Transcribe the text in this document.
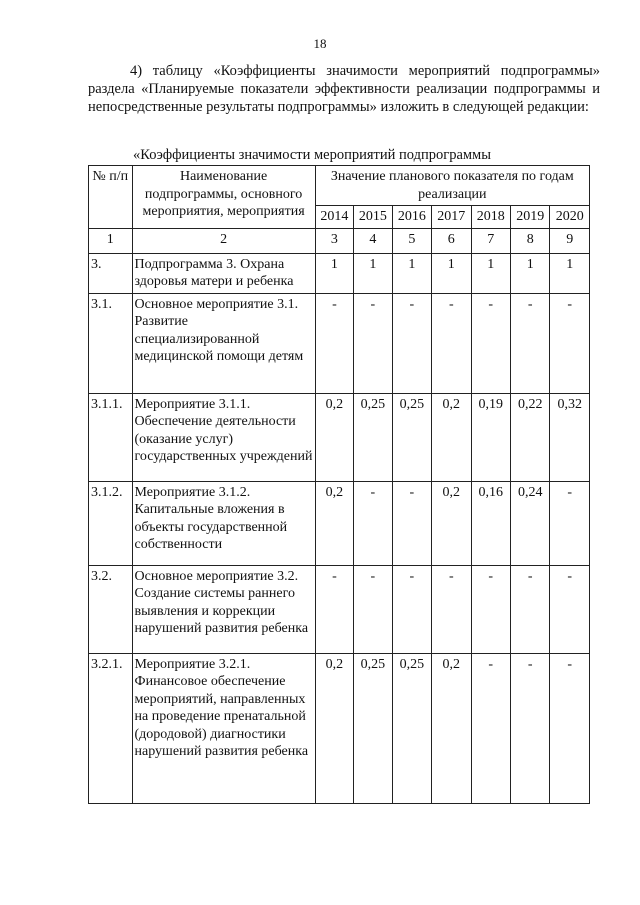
18

4) таблицу «Коэффициенты значимости мероприятий подпрограммы» раздела «Планируемые показатели эффективности реализации подпрограммы и непосредственные результаты подпрограммы» изложить в следующей редакции:

«Коэффициенты значимости мероприятий подпрограммы
№ п/п	Наименование подпрограммы, основного мероприятия, мероприятия	Значение планового показателя по годам реализации						
		2014	2015	2016	2017	2018	2019	2020
1	2	3	4	5	6	7	8	9
3.	Подпрограмма 3. Охрана здоровья матери и ребенка	1	1	1	1	1	1	1
3.1.	Основное мероприятие 3.1. Развитие специализированной медицинской помощи детям	-	-	-	-	-	-	-
3.1.1.	Мероприятие 3.1.1. Обеспечение деятельности (оказание услуг) государственных учреждений	0,2	0,25	0,25	0,2	0,19	0,22	0,32
3.1.2.	Мероприятие 3.1.2. Капитальные вложения в объекты государственной собственности	0,2	-	-	0,2	0,16	0,24	-
3.2.	Основное мероприятие 3.2. Создание системы раннего выявления и коррекции нарушений развития ребенка	-	-	-	-	-	-	-
3.2.1.	Мероприятие 3.2.1. Финансовое обеспечение мероприятий, направленных на проведение пренатальной (дородовой) диагностики нарушений развития ребенка	0,2	0,25	0,25	0,2	-	-	-
